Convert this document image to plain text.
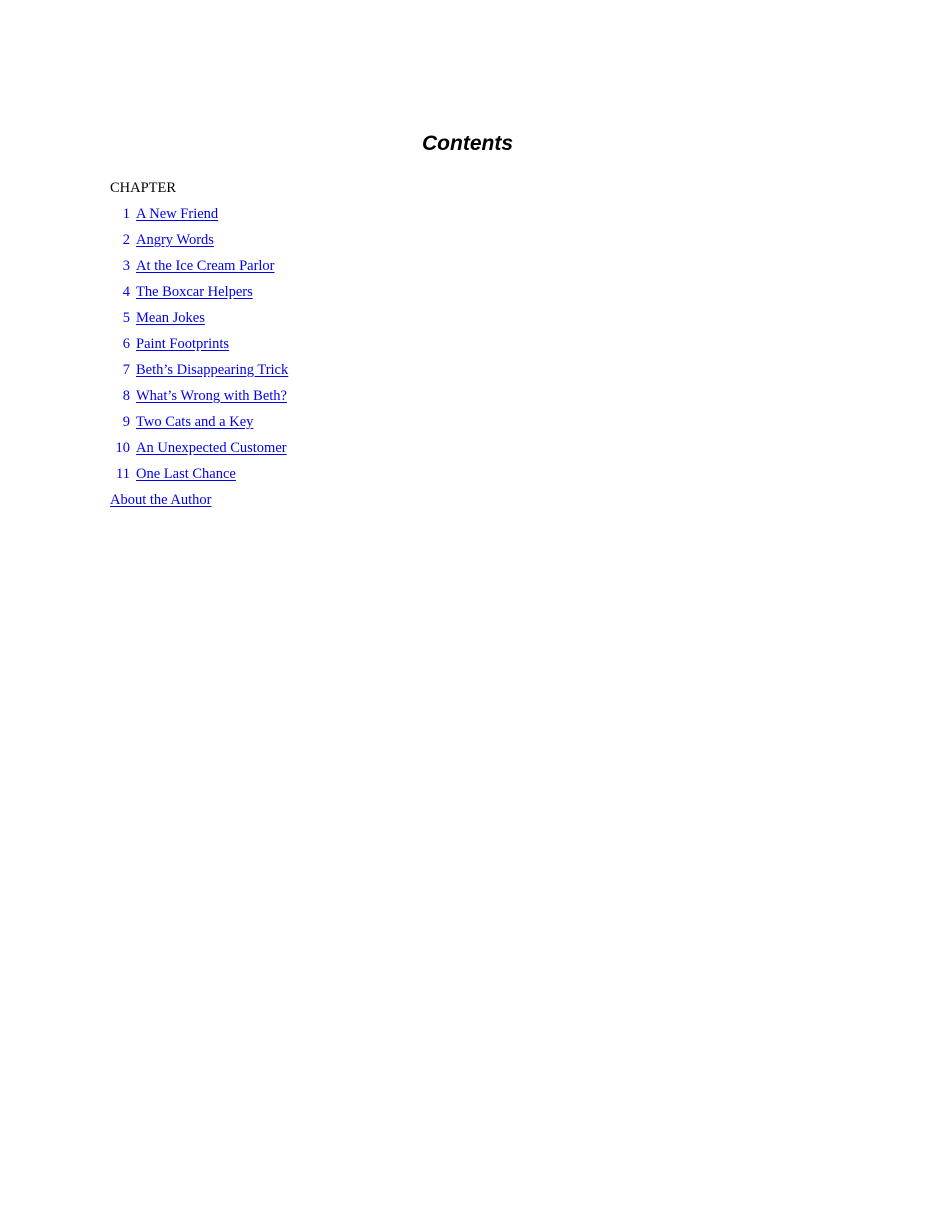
Contents

CHAPTER

1 A New Friend
2 Angry Words
3 At the Ice Cream Parlor
4 The Boxcar Helpers
5 Mean Jokes
6 Paint Footprints
7 Beth’s Disappearing Trick
8 What’s Wrong with Beth?
9 Two Cats and a Key
10 An Unexpected Customer
11 One Last Chance
About the Author
